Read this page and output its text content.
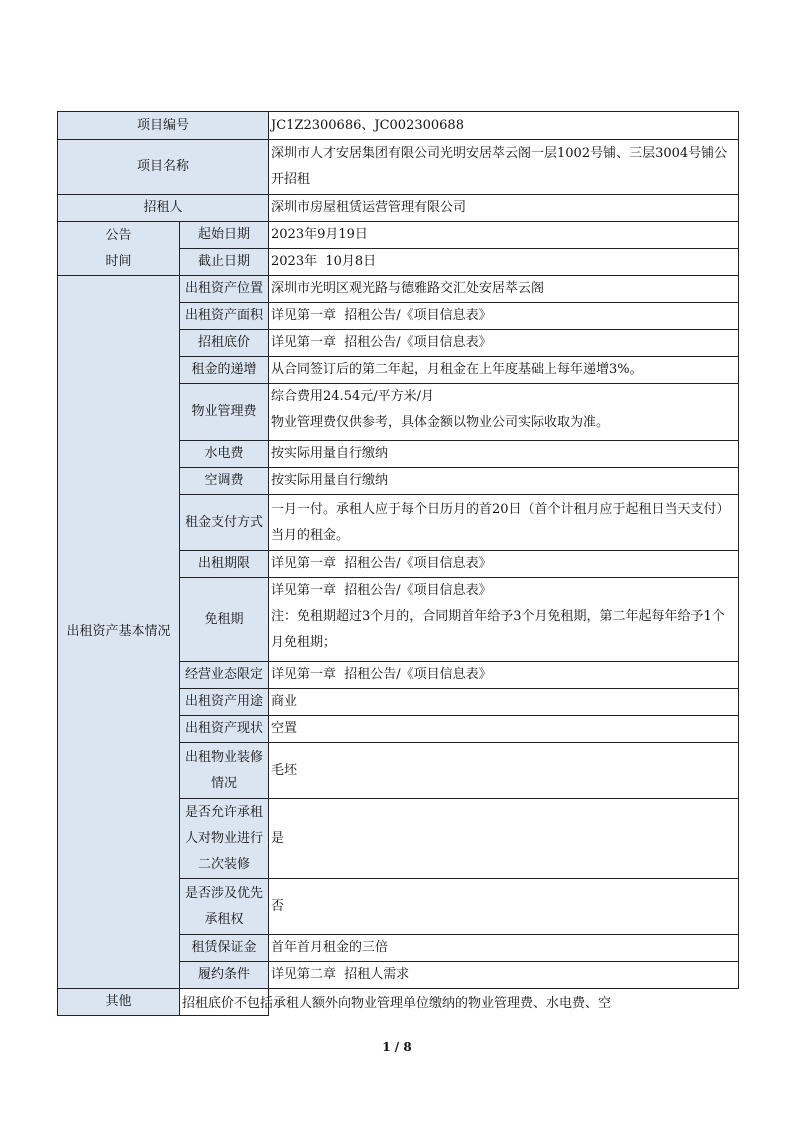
项目编号		JC1Z2300686、JC002300688
项目名称		深圳市人才安居集团有限公司光明安居萃云阁一层1002号铺、三层3004号铺公开招租
招租人		深圳市房屋租赁运营管理有限公司

公告
时间	起始日期	2023年9月19日
	截止日期	2023年  10月8日
出租资产基本情况	出租资产位置	深圳市光明区观光路与德雅路交汇处安居萃云阁
	出租资产面积	详见第一章  招租公告/《项目信息表》
	招租底价	详见第一章  招租公告/《项目信息表》
	租金的递增	从合同签订后的第二年起，月租金在上年度基础上每年递增3%。
	物业管理费	综合费用24.54元/平方米/月
物业管理费仅供参考，具体金额以物业公司实际收取为准。

	水电费	按实际用量自行缴纳
	空调费	按实际用量自行缴纳
	租金支付方式	一月一付。承租人应于每个日历月的首20日（首个计租月应于起租日当天支付）当月的租金。
	出租期限	详见第一章  招租公告/《项目信息表》
	免租期	详见第一章  招租公告/《项目信息表》
注：免租期超过3个月的，合同期首年给予3个月免租期，第二年起每年给予1个月免租期；

	经营业态限定	详见第一章  招租公告/《项目信息表》
	出租资产用途	商业
	出租资产现状	空置
	出租物业装修情况	毛坯
	是否允许承租人对物业进行二次装修	是
	是否涉及优先承租权	否
	租赁保证金	首年首月租金的三倍
	履约条件	详见第二章  招租人需求
其他	招租底价不包括承租人额外向物业管理单位缴纳的物业管理费、水电费、空	
1 / 8
